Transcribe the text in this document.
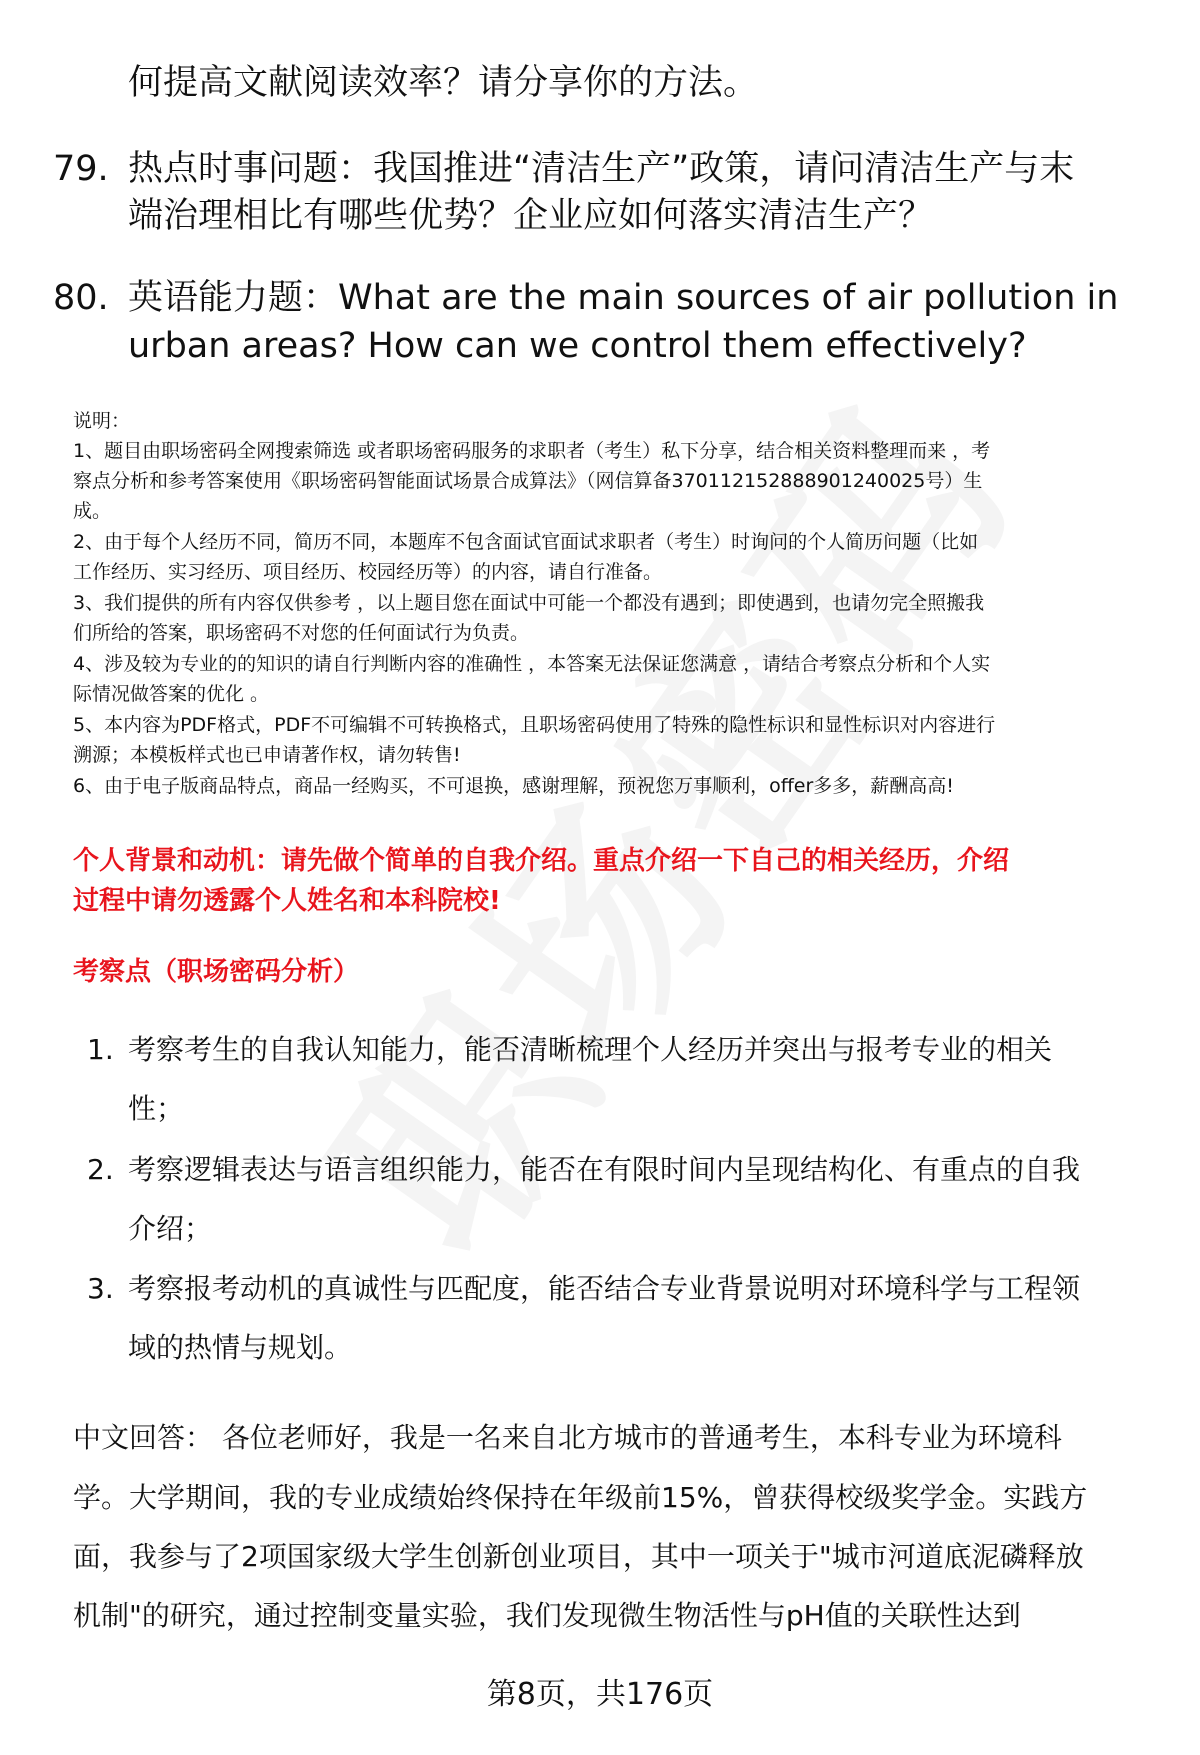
何提高文献阅读效率？请分享你的方法。
79. 热点时事问题：我国推进“清洁生产”政策，请问清洁生产与末
端治理相比有哪些优势？企业应如何落实清洁生产？
80. 英语能力题：What are the main sources of air pollution in
urban areas? How can we control them effectively?
说明：
1、题目由职场密码全网搜索筛选 或者职场密码服务的求职者（考生）私下分享，结合相关资料整理而来 ，考
察点分析和参考答案使用《职场密码智能面试场景合成算法》（网信算备370112152888901240025号）生
成。
2、由于每个人经历不同，简历不同，本题库不包含面试官面试求职者（考生）时询问的个人简历问题（比如
工作经历、实习经历、项目经历、校园经历等）的内容，请自行准备。
3、我们提供的所有内容仅供参考 ，以上题目您在面试中可能一个都没有遇到；即使遇到，也请勿完全照搬我
们所给的答案，职场密码不对您的任何面试行为负责。
4、涉及较为专业的的知识的请自行判断内容的准确性 ，本答案无法保证您满意 ，请结合考察点分析和个人实
际情况做答案的优化 。
5、本内容为PDF格式，PDF不可编辑不可转换格式，且职场密码使用了特殊的隐性标识和显性标识对内容进行
溯源；本模板样式也已申请著作权，请勿转售!
6、由于电子版商品特点，商品一经购买，不可退换，感谢理解，预祝您万事顺利，offer多多，薪酬高高!
个人背景和动机：请先做个简单的自我介绍。重点介绍一下自己的相关经历，介绍
过程中请勿透露个人姓名和本科院校!
考察点（职场密码分析）
1. 考察考生的自我认知能力，能否清晰梳理个人经历并突出与报考专业的相关
性；
2. 考察逻辑表达与语言组织能力，能否在有限时间内呈现结构化、有重点的自我
介绍；
3. 考察报考动机的真诚性与匹配度，能否结合专业背景说明对环境科学与工程领
域的热情与规划。
中文回答： 各位老师好，我是一名来自北方城市的普通考生，本科专业为环境科
学。大学期间，我的专业成绩始终保持在年级前15%，曾获得校级奖学金。实践方
面，我参与了2项国家级大学生创新创业项目，其中一项关于"城市河道底泥磷释放
机制"的研究，通过控制变量实验，我们发现微生物活性与pH值的关联性达到
第8页，共176页
